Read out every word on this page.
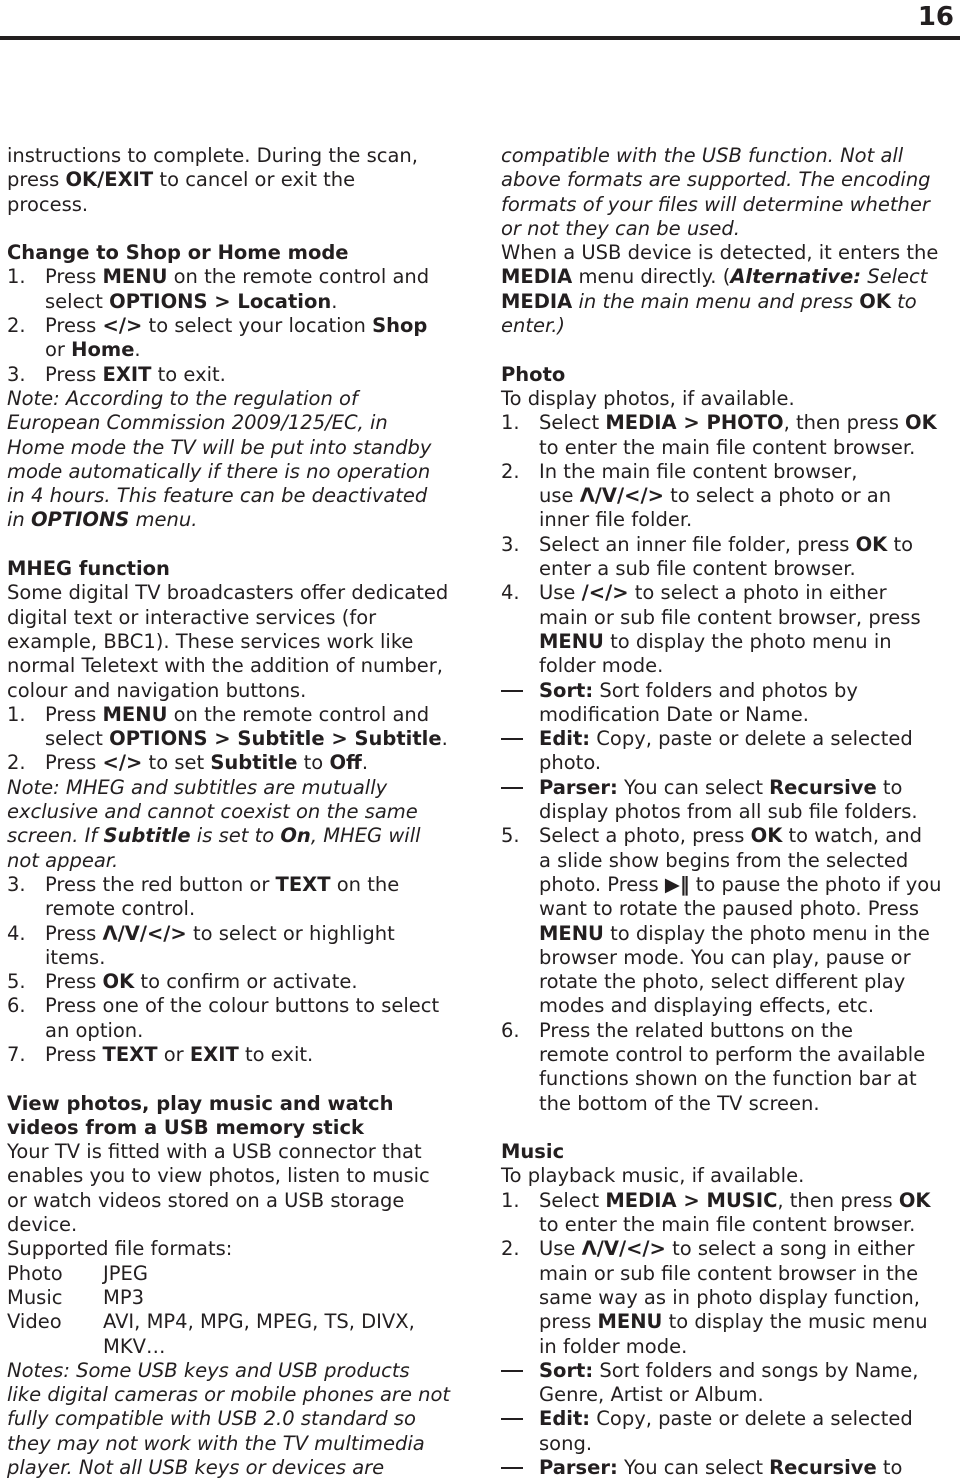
16

instructions to complete. During the scan,
press OK/EXIT to cancel or exit the
process.

Change to Shop or Home mode

1. Press MENU on the remote control and
select OPTIONS > Location.

2. Press </> to select your location Shop
or Home.

3. Press EXIT to exit.

Note: According to the regulation of
European Commission 2009/125/EC, in
Home mode the TV will be put into standby
mode automatically if there is no operation
in 4 hours. This feature can be deactivated
in OPTIONS menu.

MHEG function

Some digital TV broadcasters offer dedicated
digital text or interactive services (for
example, BBC1). These services work like
normal Teletext with the addition of number,
colour and navigation buttons.

1. Press MENU on the remote control and
select OPTIONS > Subtitle > Subtitle.

2. Press </> to set Subtitle to Off.

Note: MHEG and subtitles are mutually
exclusive and cannot coexist on the same
screen. If Subtitle is set to On, MHEG will
not appear.

3. Press the red button or TEXT on the
remote control.

4. Press Λ/V/</> to select or highlight
items.

5. Press OK to confirm or activate.

6. Press one of the colour buttons to select
an option.

7. Press TEXT or EXIT to exit.

View photos, play music and watch
videos from a USB memory stick

Your TV is fitted with a USB connector that
enables you to view photos, listen to music
or watch videos stored on a USB storage
device.

Supported file formats:

Photo	JPEG
Music	MP3
Video	AVI, MP4, MPG, MPEG, TS, DIVX,
MKV…

Notes: Some USB keys and USB products
like digital cameras or mobile phones are not
fully compatible with USB 2.0 standard so
they may not work with the TV multimedia
player. Not all USB keys or devices are

compatible with the USB function. Not all
above formats are supported. The encoding
formats of your files will determine whether
or not they can be used.

When a USB device is detected, it enters the
MEDIA menu directly. (Alternative: Select
MEDIA in the main menu and press OK to
enter.)

Photo

To display photos, if available.

1. Select MEDIA > PHOTO, then press OK
to enter the main file content browser.

2. In the main file content browser,
use Λ/V/</> to select a photo or an
inner file folder.

3. Select an inner file folder, press OK to
enter a sub file content browser.

4. Use /</> to select a photo in either
main or sub file content browser, press
MENU to display the photo menu in
folder mode.

Sort: Sort folders and photos by
modification Date or Name.

Edit: Copy, paste or delete a selected
photo.

Parser: You can select Recursive to
display photos from all sub file folders.

5. Select a photo, press OK to watch, and
a slide show begins from the selected
photo. Press ▶‖ to pause the photo if you
want to rotate the paused photo. Press
MENU to display the photo menu in the
browser mode. You can play, pause or
rotate the photo, select different play
modes and displaying effects, etc.

6. Press the related buttons on the
remote control to perform the available
functions shown on the function bar at
the bottom of the TV screen.

Music

To playback music, if available.

1. Select MEDIA > MUSIC, then press OK
to enter the main file content browser.

2. Use Λ/V/</> to select a song in either
main or sub file content browser in the
same way as in photo display function,
press MENU to display the music menu
in folder mode.

Sort: Sort folders and songs by Name,
Genre, Artist or Album.

Edit: Copy, paste or delete a selected
song.

Parser: You can select Recursive to
